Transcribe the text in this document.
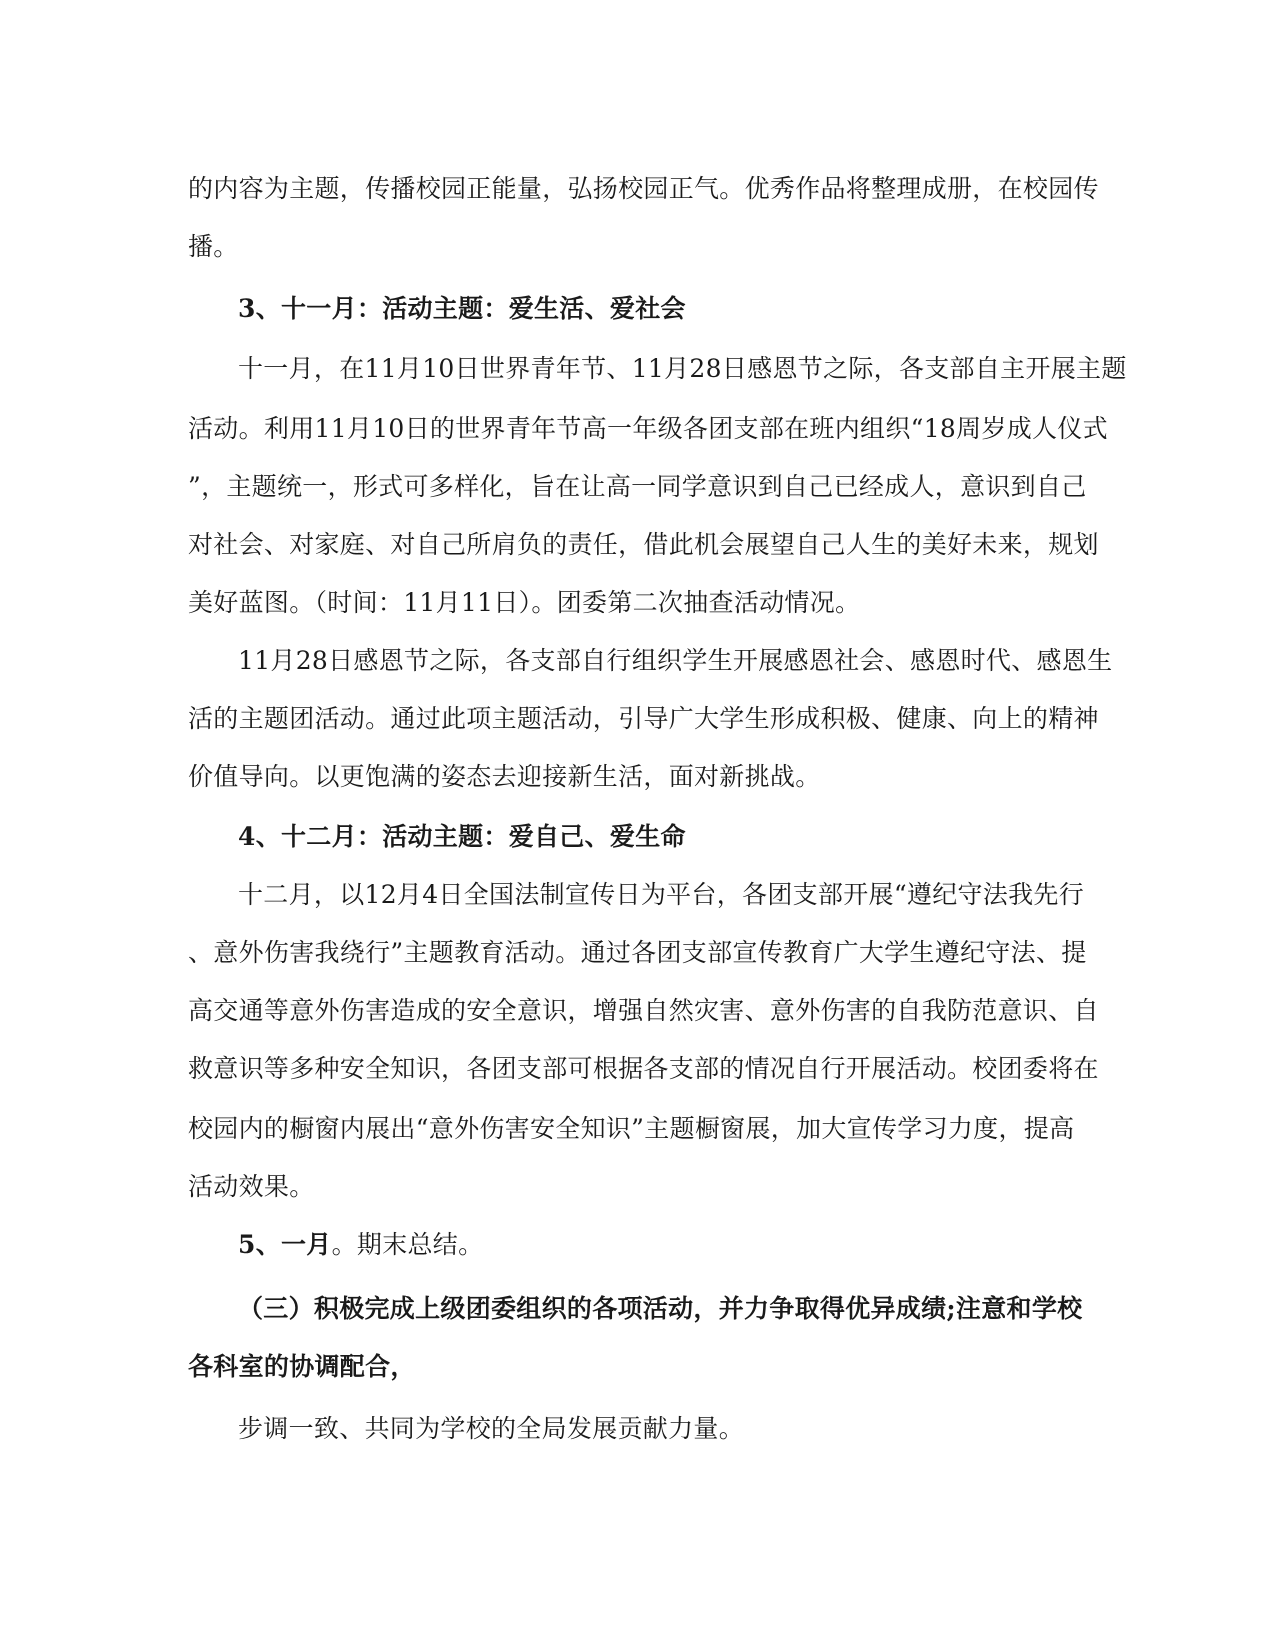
的内容为主题，传播校园正能量，弘扬校园正气。优秀作品将整理成册，在校园传
播。
3、十一月：活动主题：爱生活、爱社会
十一月，在11月10日世界青年节、11月28日感恩节之际，各支部自主开展主题
活动。利用11月10日的世界青年节高一年级各团支部在班内组织“18周岁成人仪式
”，主题统一，形式可多样化，旨在让高一同学意识到自己已经成人，意识到自己
对社会、对家庭、对自己所肩负的责任，借此机会展望自己人生的美好未来，规划
美好蓝图。（时间：11月11日）。团委第二次抽查活动情况。
11月28日感恩节之际，各支部自行组织学生开展感恩社会、感恩时代、感恩生
活的主题团活动。通过此项主题活动，引导广大学生形成积极、健康、向上的精神
价值导向。以更饱满的姿态去迎接新生活，面对新挑战。
4、十二月：活动主题：爱自己、爱生命
十二月，以12月4日全国法制宣传日为平台，各团支部开展“遵纪守法我先行
、意外伤害我绕行”主题教育活动。通过各团支部宣传教育广大学生遵纪守法、提
高交通等意外伤害造成的安全意识，增强自然灾害、意外伤害的自我防范意识、自
救意识等多种安全知识，各团支部可根据各支部的情况自行开展活动。校团委将在
校园内的橱窗内展出“意外伤害安全知识”主题橱窗展，加大宣传学习力度，提高
活动效果。
5、一月。期末总结。
（三）积极完成上级团委组织的各项活动，并力争取得优异成绩;注意和学校
各科室的协调配合，
步调一致、共同为学校的全局发展贡献力量。
